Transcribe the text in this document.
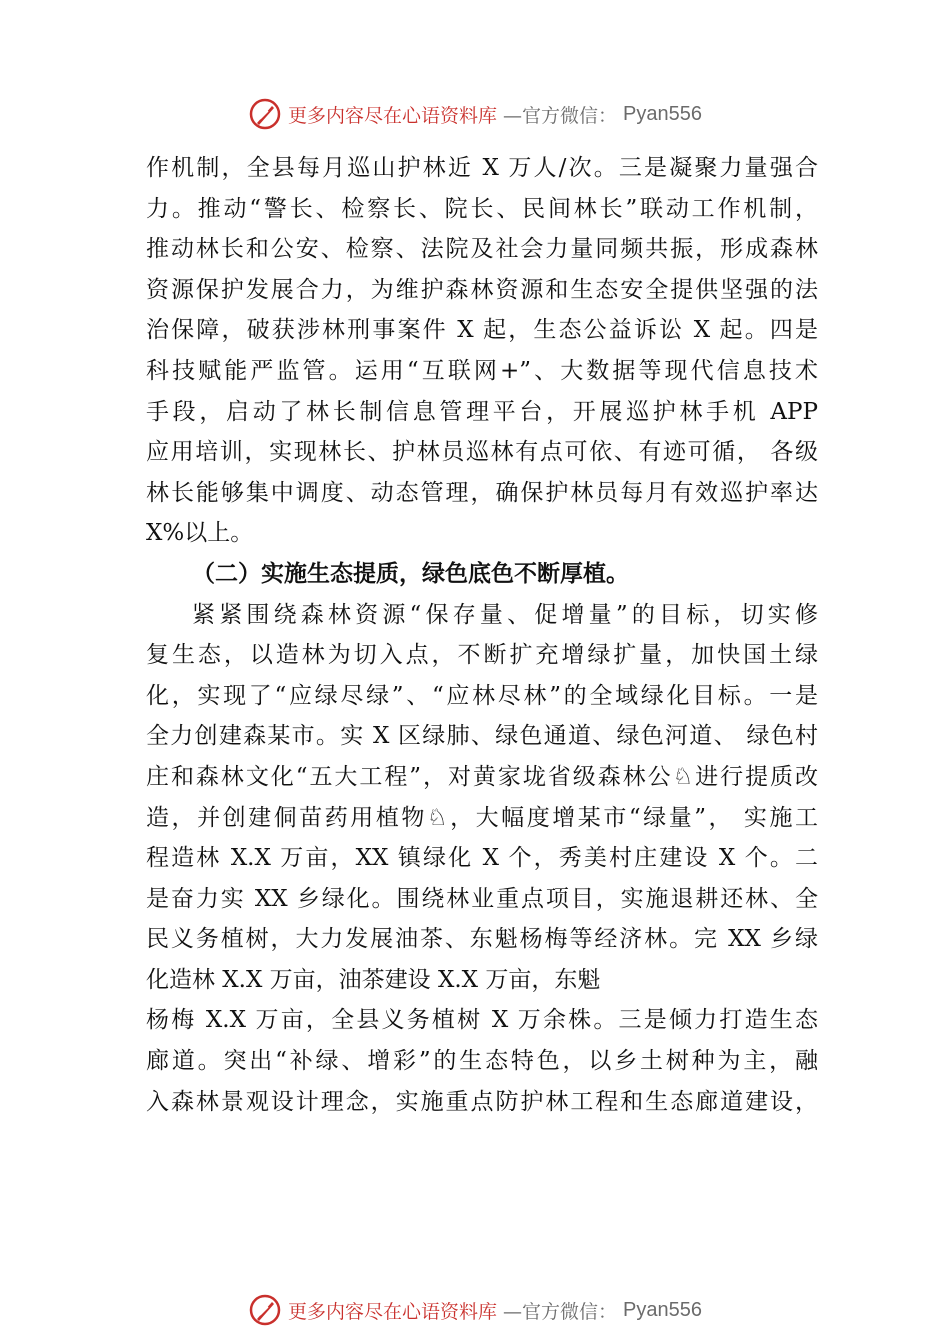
更多内容尽在心语资料库 —官方微信： Pyan556
作机制，全县每月巡山护林近 X 万人/次。三是凝聚力量强合
力。推动“警长、检察长、院长、民间林长”联动工作机制，
推动林长和公安、检察、法院及社会力量同频共振，形成森林
资源保护发展合力，为维护森林资源和生态安全提供坚强的法
治保障，破获涉林刑事案件 X 起，生态公益诉讼 X 起。四是
科技赋能严监管。运用“互联网+”、大数据等现代信息技术
手段，启动了林长制信息管理平台，开展巡护林手机 APP
应用培训，实现林长、护林员巡林有点可依、有迹可循， 各级
林长能够集中调度、动态管理，确保护林员每月有效巡护率达
X%以上。
（二）实施生态提质，绿色底色不断厚植。
紧紧围绕森林资源“保存量、促增量”的目标，切实修
复生态，以造林为切入点，不断扩充增绿扩量，加快国土绿
化，实现了“应绿尽绿”、“应林尽林”的全域绿化目标。一是
全力创建森某市。实 X 区绿肺、绿色通道、绿色河道、 绿色村
庄和森林文化“五大工程”，对黄家垅省级森林公♘进行提质改
造，并创建侗苗药用植物♘，大幅度增某市“绿量”， 实施工
程造林 X.X 万亩，XX 镇绿化 X 个，秀美村庄建设 X 个。二
是奋力实 XX 乡绿化。围绕林业重点项目，实施退耕还林、全
民义务植树，大力发展油茶、东魁杨梅等经济林。完 XX 乡绿
化造林 X.X 万亩，油茶建设 X.X 万亩，东魁
杨梅 X.X 万亩，全县义务植树 X 万余株。三是倾力打造生态
廊道。突出“补绿、增彩”的生态特色，以乡土树种为主，融
入森林景观设计理念，实施重点防护林工程和生态廊道建设，
更多内容尽在心语资料库 —官方微信： Pyan556
